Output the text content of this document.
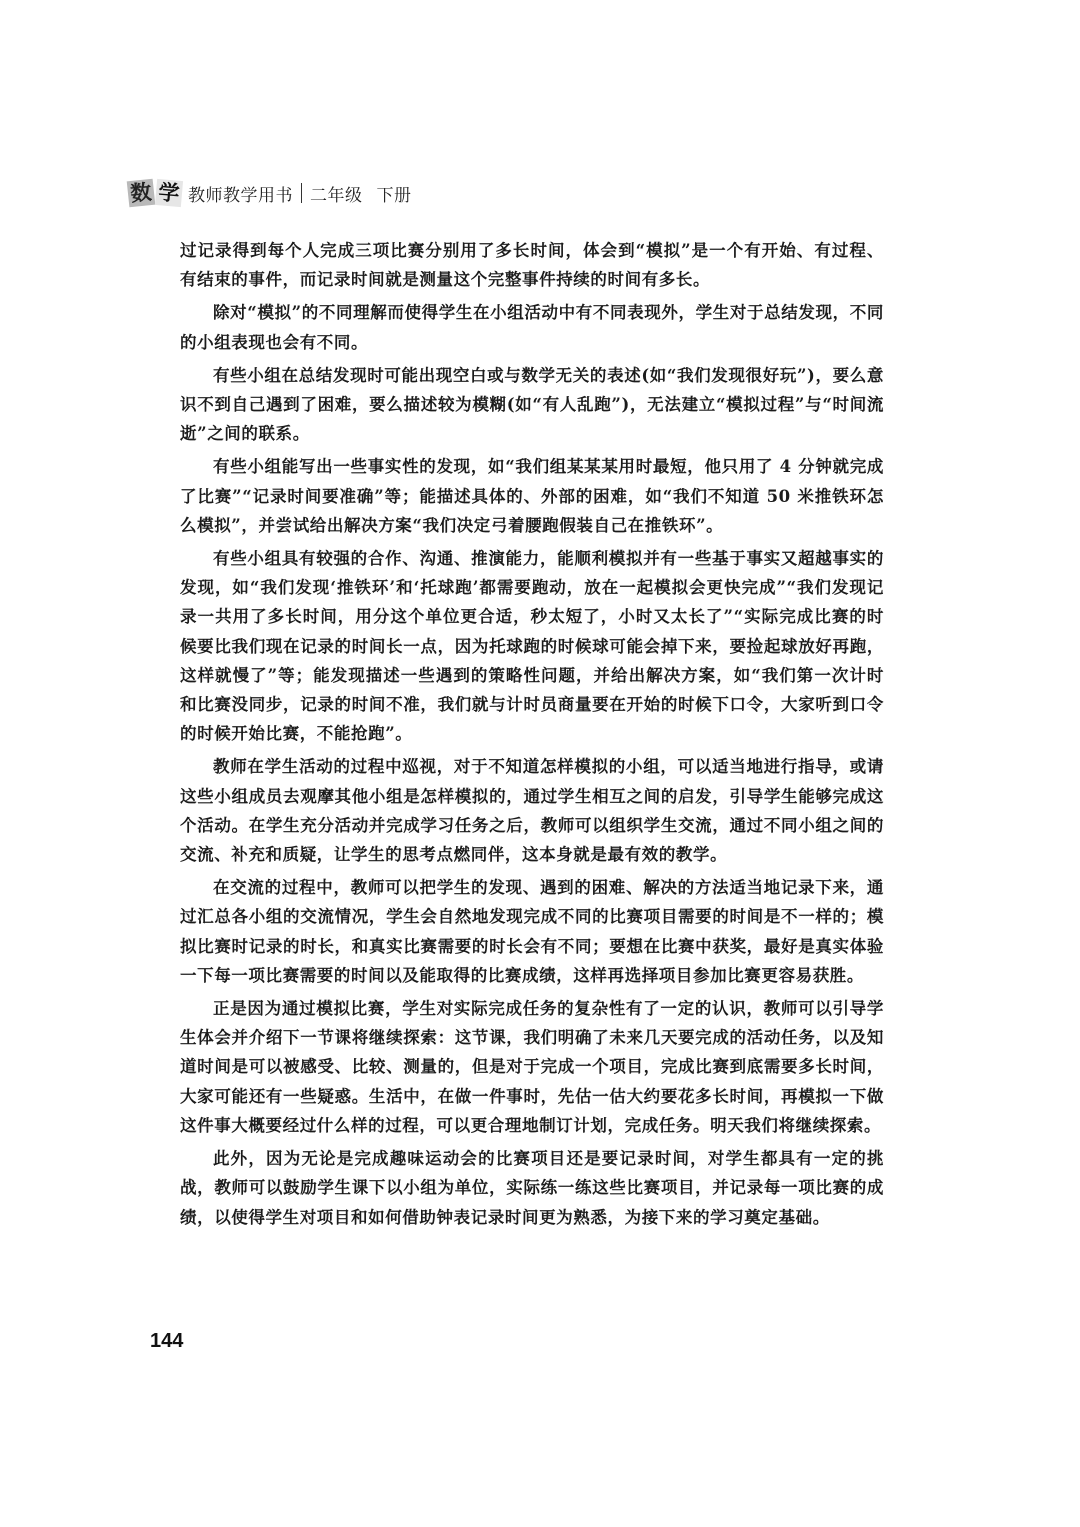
数 学 教师教学用书 二年级 下册

过记录得到每个人完成三项比赛分别用了多长时间，体会到“模拟”是一个有开始、有过程、有结束的事件，而记录时间就是测量这个完整事件持续的时间有多长。

除对“模拟”的不同理解而使得学生在小组活动中有不同表现外，学生对于总结发现，不同的小组表现也会有不同。

有些小组在总结发现时可能出现空白或与数学无关的表述(如“我们发现很好玩”)，要么意识不到自己遇到了困难，要么描述较为模糊(如“有人乱跑”)，无法建立“模拟过程”与“时间流逝”之间的联系。

有些小组能写出一些事实性的发现，如“我们组某某某用时最短，他只用了 4 分钟就完成了比赛”“记录时间要准确”等；能描述具体的、外部的困难，如“我们不知道 50 米推铁环怎么模拟”，并尝试给出解决方案“我们决定弓着腰跑假装自己在推铁环”。

有些小组具有较强的合作、沟通、推演能力，能顺利模拟并有一些基于事实又超越事实的发现，如“我们发现‘推铁环’和‘托球跑’都需要跑动，放在一起模拟会更快完成”“我们发现记录一共用了多长时间，用分这个单位更合适，秒太短了，小时又太长了”“实际完成比赛的时候要比我们现在记录的时间长一点，因为托球跑的时候球可能会掉下来，要捡起球放好再跑，这样就慢了”等；能发现描述一些遇到的策略性问题，并给出解决方案，如“我们第一次计时和比赛没同步，记录的时间不准，我们就与计时员商量要在开始的时候下口令，大家听到口令的时候开始比赛，不能抢跑”。

教师在学生活动的过程中巡视，对于不知道怎样模拟的小组，可以适当地进行指导，或请这些小组成员去观摩其他小组是怎样模拟的，通过学生相互之间的启发，引导学生能够完成这个活动。在学生充分活动并完成学习任务之后，教师可以组织学生交流，通过不同小组之间的交流、补充和质疑，让学生的思考点燃同伴，这本身就是最有效的教学。

在交流的过程中，教师可以把学生的发现、遇到的困难、解决的方法适当地记录下来，通过汇总各小组的交流情况，学生会自然地发现完成不同的比赛项目需要的时间是不一样的；模拟比赛时记录的时长，和真实比赛需要的时长会有不同；要想在比赛中获奖，最好是真实体验一下每一项比赛需要的时间以及能取得的比赛成绩，这样再选择项目参加比赛更容易获胜。

正是因为通过模拟比赛，学生对实际完成任务的复杂性有了一定的认识，教师可以引导学生体会并介绍下一节课将继续探索：这节课，我们明确了未来几天要完成的活动任务，以及知道时间是可以被感受、比较、测量的，但是对于完成一个项目，完成比赛到底需要多长时间，大家可能还有一些疑惑。生活中，在做一件事时，先估一估大约要花多长时间，再模拟一下做这件事大概要经过什么样的过程，可以更合理地制订计划，完成任务。明天我们将继续探索。

此外，因为无论是完成趣味运动会的比赛项目还是要记录时间，对学生都具有一定的挑战，教师可以鼓励学生课下以小组为单位，实际练一练这些比赛项目，并记录每一项比赛的成绩，以使得学生对项目和如何借助钟表记录时间更为熟悉，为接下来的学习奠定基础。

144
